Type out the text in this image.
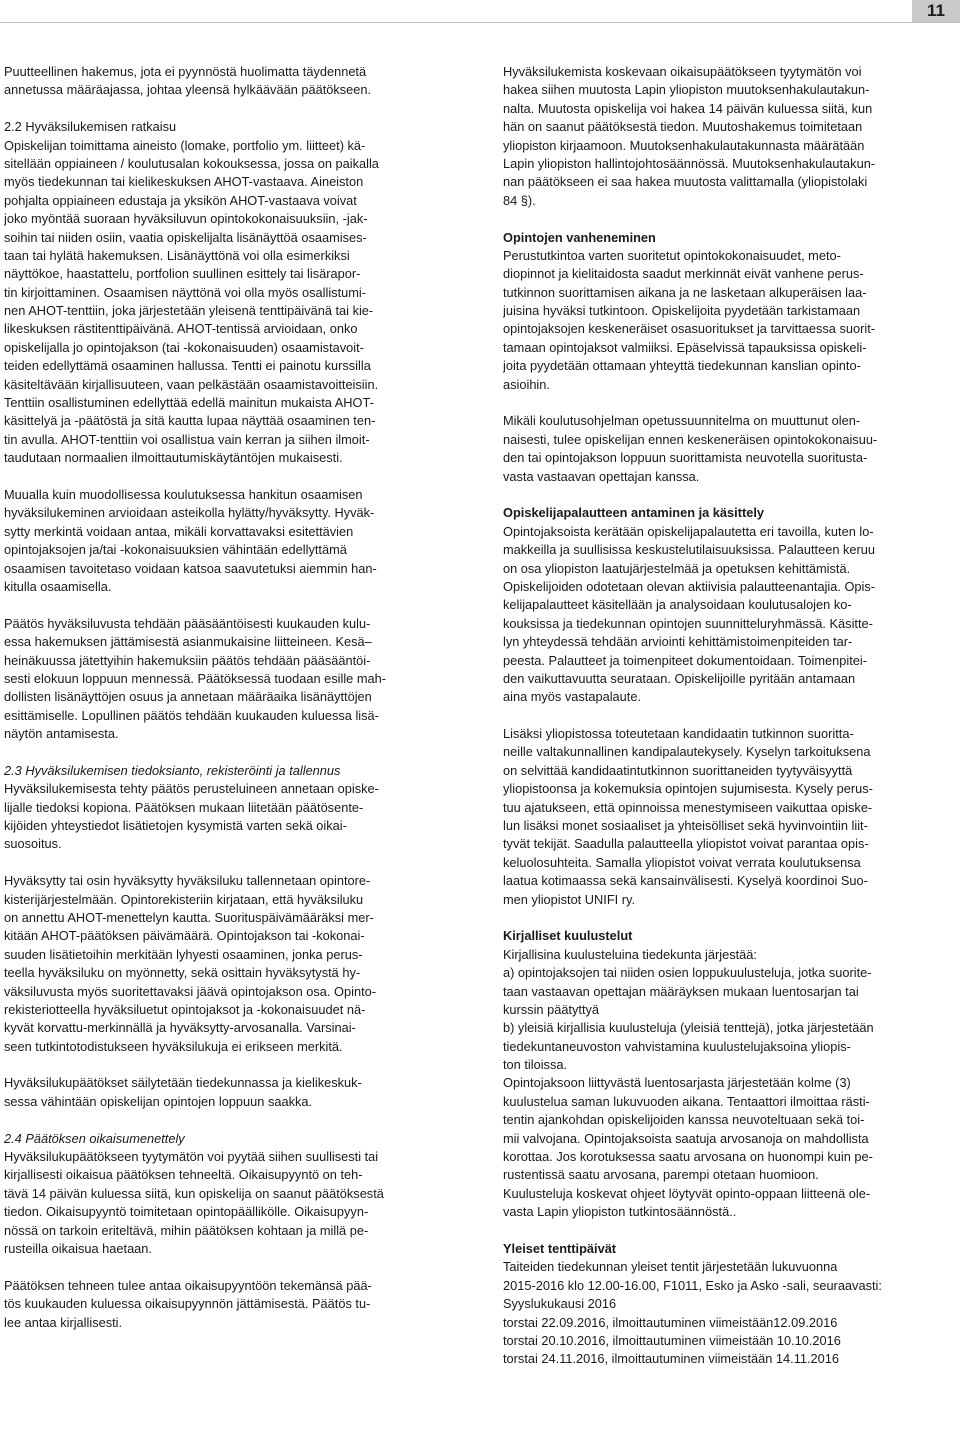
11
Puutteellinen hakemus, jota ei pyynnöstä huolimatta täydennetä
annetussa määräajassa, johtaa yleensä hylkäävään päätökseen.
2.2 Hyväksilukemisen ratkaisu
Opiskelijan toimittama aineisto (lomake, portfolio ym. liitteet) kä-
sitellään oppiaineen / koulutusalan kokouksessa, jossa on paikalla
myös tiedekunnan tai kielikeskuksen AHOT-vastaava. Aineiston
pohjalta oppiaineen edustaja ja yksikön AHOT-vastaava voivat
joko myöntää suoraan hyväksiluvun opintokokonaisuuksiin, -jak-
soihin tai niiden osiin, vaatia opiskelijalta lisänäyttöä osaamises-
taan tai hylätä hakemuksen. Lisänäyttönä voi olla esimerkiksi
näyttökoe, haastattelu, portfolion suullinen esittely tai lisärapor-
tin kirjoittaminen. Osaamisen näyttönä voi olla myös osallistumi-
nen AHOT-tenttiin, joka järjestetään yleisenä tenttipäivänä tai kie-
likeskuksen rästitenttipäivänä. AHOT-tentissä arvioidaan, onko
opiskelijalla jo opintojakson (tai -kokonaisuuden) osaamistavoit-
teiden edellyttämä osaaminen hallussa. Tentti ei painotu kurssilla
käsiteltävään kirjallisuuteen, vaan pelkästään osaamistavoitteisiin.
Tenttiin osallistuminen edellyttää edellä mainitun mukaista AHOT-
käsittelyä ja -päätöstä ja sitä kautta lupaa näyttää osaaminen ten-
tin avulla. AHOT-tenttiin voi osallistua vain kerran ja siihen ilmoit-
taudutaan normaalien ilmoittautumiskäytäntöjen mukaisesti.
Muualla kuin muodollisessa koulutuksessa hankitun osaamisen
hyväksilukeminen arvioidaan asteikolla hylätty/hyväksytty. Hyväk-
sytty merkintä voidaan antaa, mikäli korvattavaksi esitettävien
opintojaksojen ja/tai -kokonaisuuksien vähintään edellyttämä
osaamisen tavoitetaso voidaan katsoa saavutetuksi aiemmin han-
kitulla osaamisella.
Päätös hyväksiluvusta tehdään pääsääntöisesti kuukauden kulu-
essa hakemuksen jättämisestä asianmukaisine liitteineen. Kesä–
heinäkuussa jätettyihin hakemuksiin päätös tehdään pääsääntöi-
sesti elokuun loppuun mennessä. Päätöksessä tuodaan esille mah-
dollisten lisänäyttöjen osuus ja annetaan määräaika lisänäyttöjen
esittämiselle. Lopullinen päätös tehdään kuukauden kuluessa lisä-
näytön antamisesta.
2.3 Hyväksilukemisen tiedoksianto, rekisteröinti ja tallennus
Hyväksilukemisesta tehty päätös perusteluineen annetaan opiske-
lijalle tiedoksi kopiona. Päätöksen mukaan liitetään päätösente-
kijöiden yhteystiedot lisätietojen kysymistä varten sekä oikai-
suosoitus.
Hyväksytty tai osin hyväksytty hyväksiluku tallennetaan opintore-
kisterijärjestelmään. Opintorekisteriin kirjataan, että hyväksiluku
on annettu AHOT-menettelyn kautta. Suorituspäivämääräksi mer-
kitään AHOT-päätöksen päivämäärä. Opintojakson tai -kokonai-
suuden lisätietoihin merkitään lyhyesti osaaminen, jonka perus-
teella hyväksiluku on myönnetty, sekä osittain hyväksytystä hy-
väksiluvusta myös suoritettavaksi jäävä opintojakson osa. Opinto-
rekisteriotteella hyväksiluetut opintojaksot ja -kokonaisuudet nä-
kyvät korvattu-merkinnällä ja hyväksytty-arvosanalla. Varsinai-
seen tutkintotodistukseen hyväksilukuja ei erikseen merkitä.
Hyväksilukupäätökset säilytetään tiedekunnassa ja kielikeskuk-
sessa vähintään opiskelijan opintojen loppuun saakka.
2.4 Päätöksen oikaisumenettely
Hyväksilukupäätökseen tyytymätön voi pyytää siihen suullisesti tai
kirjallisesti oikaisua päätöksen tehneeltä. Oikaisupyyntö on teh-
tävä 14 päivän kuluessa siitä, kun opiskelija on saanut päätöksestä
tiedon. Oikaisupyyntö toimitetaan opintopäällikölle. Oikaisupyyn-
nössä on tarkoin eriteltävä, mihin päätöksen kohtaan ja millä pe-
rusteilla oikaisua haetaan.
Päätöksen tehneen tulee antaa oikaisupyyntöön tekemänsä pää-
tös kuukauden kuluessa oikaisupyynnön jättämisestä. Päätös tu-
lee antaa kirjallisesti.
Hyväksilukemista koskevaan oikaisupäätökseen tyytymätön voi
hakea siihen muutosta Lapin yliopiston muutoksenhakulautakun-
nalta. Muutosta opiskelija voi hakea 14 päivän kuluessa siitä, kun
hän on saanut päätöksestä tiedon. Muutoshakemus toimitetaan
yliopiston kirjaamoon. Muutoksenhakulautakunnasta määrätään
Lapin yliopiston hallintojohtosäännössä. Muutoksenhakulautakun-
nan päätökseen ei saa hakea muutosta valittamalla (yliopistolaki
84 §).
Opintojen vanheneminen
Perustutkintoa varten suoritetut opintokokonaisuudet, meto-
diopinnot ja kielitaidosta saadut merkinnät eivät vanhene perus-
tutkinnon suorittamisen aikana ja ne lasketaan alkuperäisen laa-
juisina hyväksi tutkintoon. Opiskelijoita pyydetään tarkistamaan
opintojaksojen keskeneräiset osasuoritukset ja tarvittaessa suorit-
tamaan opintojaksot valmiiksi. Epäselvissä tapauksissa opiskeli-
joita pyydetään ottamaan yhteyttä tiedekunnan kanslian opinto-
asioihin.
Mikäli koulutusohjelman opetussuunnitelma on muuttunut olen-
naisesti, tulee opiskelijan ennen keskeneräisen opintokokonaisuu-
den tai opintojakson loppuun suorittamista neuvotella suoritusta-
vasta vastaavan opettajan kanssa.
Opiskelijapalautteen antaminen ja käsittely
Opintojaksoista kerätään opiskelijapalautetta eri tavoilla, kuten lo-
makkeilla ja suullisissa keskustelutilaisuuksissa. Palautteen keruu
on osa yliopiston laatujärjestelmää ja opetuksen kehittämistä.
Opiskelijoiden odotetaan olevan aktiivisia palautteenantajia. Opis-
kelijapalautteet käsitellään ja analysoidaan koulutusalojen ko-
kouksissa ja tiedekunnan opintojen suunnitteluryhmässä. Käsitte-
lyn yhteydessä tehdään arviointi kehittämistoimenpiteiden tar-
peesta. Palautteet ja toimenpiteet dokumentoidaan. Toimenpitei-
den vaikuttavuutta seurataan. Opiskelijoille pyritään antamaan
aina myös vastapalaute.
Lisäksi yliopistossa toteutetaan kandidaatin tutkinnon suoritta-
neille valtakunnallinen kandipalautekysely. Kyselyn tarkoituksena
on selvittää kandidaatintutkinnon suorittaneiden tyytyväisyyttä
yliopistoonsa ja kokemuksia opintojen sujumisesta. Kysely perus-
tuu ajatukseen, että opinnoissa menestymiseen vaikuttaa opiske-
lun lisäksi monet sosiaaliset ja yhteisölliset sekä hyvinvointiin liit-
tyvät tekijät. Saadulla palautteella yliopistot voivat parantaa opis-
keluolosuhteita. Samalla yliopistot voivat verrata koulutuksensa
laatua kotimaassa sekä kansainvälisesti. Kyselyä koordinoi Suo-
men yliopistot UNIFI ry.
Kirjalliset kuulustelut
Kirjallisina kuulusteluina tiedekunta järjestää:
a) opintojaksojen tai niiden osien loppukuulusteluja, jotka suorite-
taan vastaavan opettajan määräyksen mukaan luentosarjan tai
kurssin päätyttyä
b) yleisiä kirjallisia kuulusteluja (yleisiä tenttejä), jotka järjestetään
tiedekuntaneuvoston vahvistamina kuulustelujaksoina yliopis-
ton tiloissa.
Opintojaksoon liittyvästä luentosarjasta järjestetään kolme (3)
kuulustelua saman lukuvuoden aikana. Tentaattori ilmoittaa rästi-
tentin ajankohdan opiskelijoiden kanssa neuvoteltuaan sekä toi-
mii valvojana. Opintojaksoista saatuja arvosanoja on mahdollista
korottaa. Jos korotuksessa saatu arvosana on huonompi kuin pe-
rustentissä saatu arvosana, parempi otetaan huomioon.
Kuulusteluja koskevat ohjeet löytyvät opinto-oppaan liitteenä ole-
vasta Lapin yliopiston tutkintosäännöstä..
Yleiset tenttipäivät
Taiteiden tiedekunnan yleiset tentit järjestetään lukuvuonna
2015-2016 klo 12.00-16.00, F1011, Esko ja Asko -sali, seuraavasti:
Syyslukukausi 2016
torstai 22.09.2016, ilmoittautuminen viimeistään12.09.2016
torstai 20.10.2016, ilmoittautuminen viimeistään 10.10.2016
torstai 24.11.2016, ilmoittautuminen viimeistään 14.11.2016
